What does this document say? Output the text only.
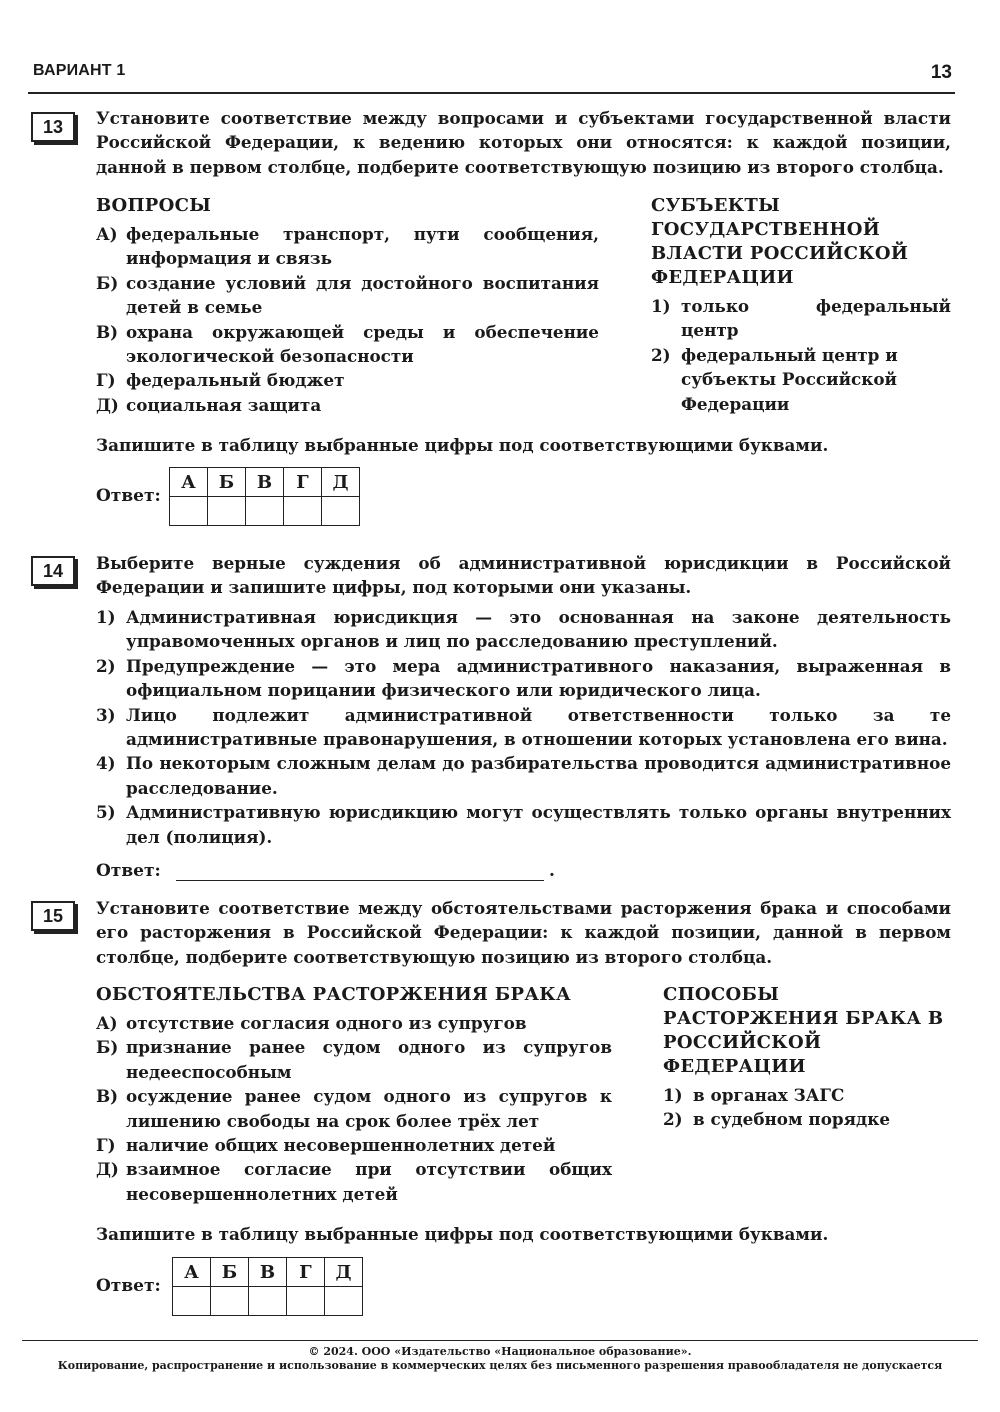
ВАРИАНТ 1	13
13	Установите соответствие между вопросами и субъектами государственной власти Российской Федерации, к ведению которых они относятся: к каждой позиции, данной в первом столбце, подберите соответствующую позицию из второго столбца.
ВОПРОСЫ
А) федеральные транспорт, пути сообщения, информация и связь
Б) создание условий для достойного воспитания детей в семье
В) охрана окружающей среды и обеспечение экологической безопасности
Г) федеральный бюджет
Д) социальная защита
СУБЪЕКТЫ ГОСУДАРСТВЕННОЙ ВЛАСТИ РОССИЙСКОЙ ФЕДЕРАЦИИ
1) только федеральный центр
2) федеральный центр и субъекты Российской Федерации
Запишите в таблицу выбранные цифры под соответствующими буквами.
Ответ:
А	Б	В	Г	Д

14	Выберите верные суждения об административной юрисдикции в Российской Федерации и запишите цифры, под которыми они указаны.
1) Административная юрисдикция — это основанная на законе деятельность управомоченных органов и лиц по расследованию преступлений.
2) Предупреждение — это мера административного наказания, выраженная в официальном порицании физического или юридического лица.
3) Лицо подлежит административной ответственности только за те административные правонарушения, в отношении которых установлена его вина.
4) По некоторым сложным делам до разбирательства проводится административное расследование.
5) Административную юрисдикцию могут осуществлять только органы внутренних дел (полиция).
Ответ:	.
15	Установите соответствие между обстоятельствами расторжения брака и способами его расторжения в Российской Федерации: к каждой позиции, данной в первом столбце, подберите соответствующую позицию из второго столбца.
ОБСТОЯТЕЛЬСТВА РАСТОРЖЕНИЯ БРАКА
А) отсутствие согласия одного из супругов
Б) признание ранее судом одного из супругов недееспособным
В) осуждение ранее судом одного из супругов к лишению свободы на срок более трёх лет
Г) наличие общих несовершеннолетних детей
Д) взаимное согласие при отсутствии общих несовершеннолетних детей
СПОСОБЫ РАСТОРЖЕНИЯ БРАКА В РОССИЙСКОЙ ФЕДЕРАЦИИ
1) в органах ЗАГС
2) в судебном порядке
Запишите в таблицу выбранные цифры под соответствующими буквами.
Ответ:
А	Б	В	Г	Д

© 2024. ООО «Издательство «Национальное образование».
Копирование, распространение и использование в коммерческих целях без письменного разрешения правообладателя не допускается
